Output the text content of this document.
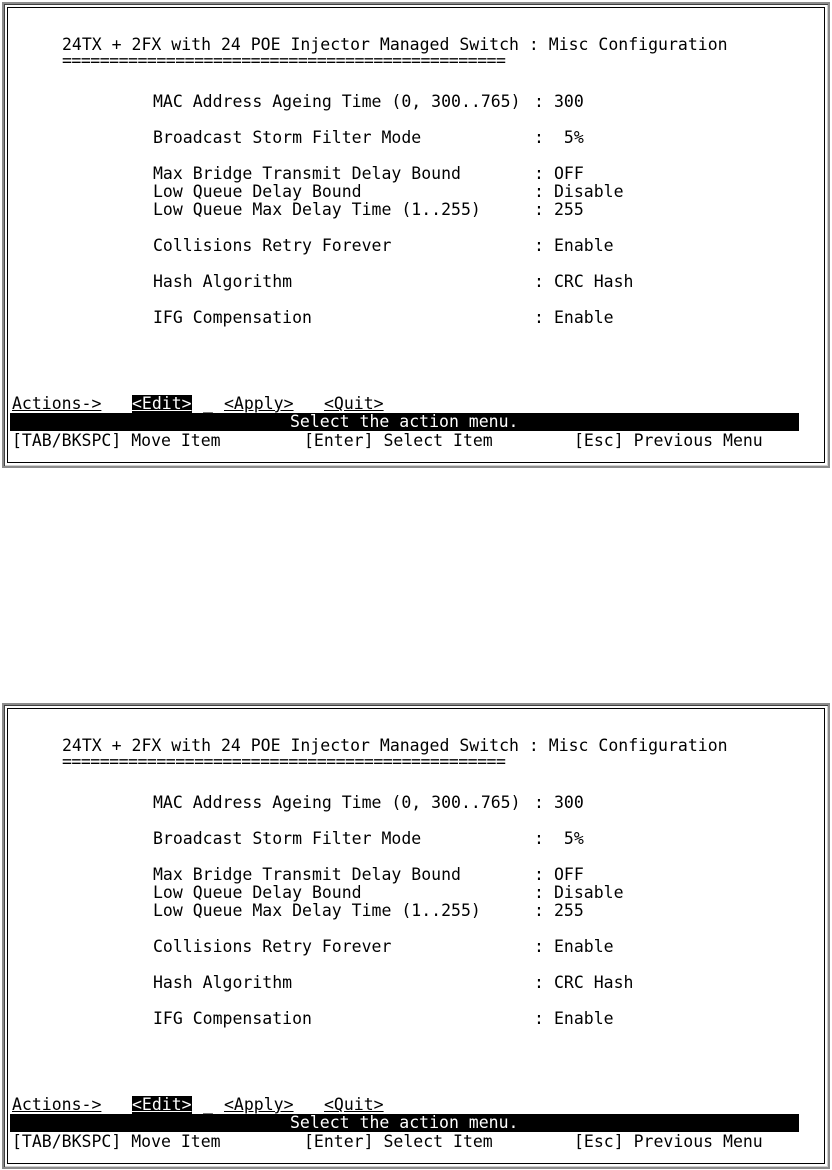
24TX + 2FX with 24 POE Injector Managed Switch : Misc Configuration
===============================================
MAC Address Ageing Time (0, 300..765) : 300
Broadcast Storm Filter Mode	: 5%
Max Bridge Transmit Delay Bound	: OFF
Low Queue Delay Bound	: Disable
Low Queue Max Delay Time (1..255)	: 255
Collisions Retry Forever	: Enable
Hash Algorithm	: CRC Hash
IFG Compensation	: Enable
Actions-> <Edit> _ <Apply> <Quit>
Select the action menu.
[TAB/BKSPC] Move Item	[Enter] Select Item	[Esc] Previous Menu
24TX + 2FX with 24 POE Injector Managed Switch : Misc Configuration
===============================================
MAC Address Ageing Time (0, 300..765) : 300
Broadcast Storm Filter Mode	: 5%
Max Bridge Transmit Delay Bound	: OFF
Low Queue Delay Bound	: Disable
Low Queue Max Delay Time (1..255)	: 255
Collisions Retry Forever	: Enable
Hash Algorithm	: CRC Hash
IFG Compensation	: Enable
Actions-> <Edit> _ <Apply> <Quit>
Select the action menu.
[TAB/BKSPC] Move Item	[Enter] Select Item	[Esc] Previous Menu
